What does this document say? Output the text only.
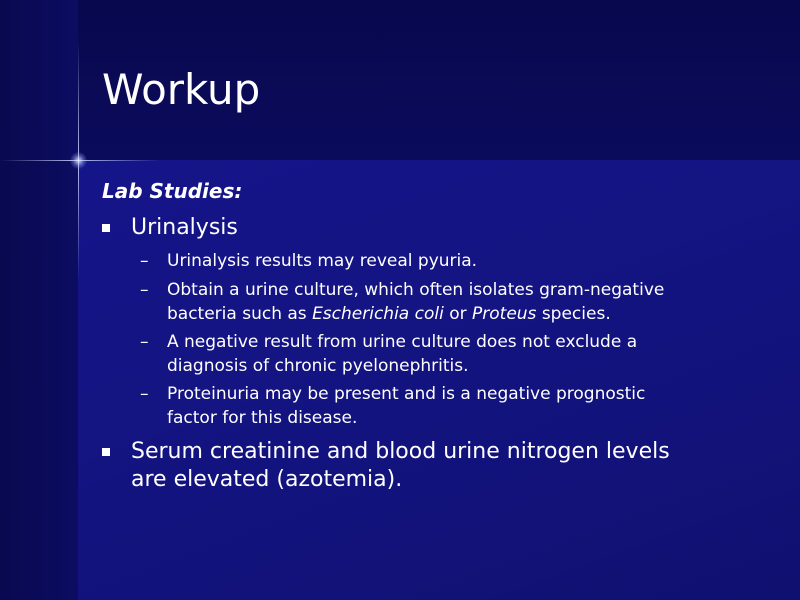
Workup
Lab Studies:
Urinalysis
– Urinalysis results may reveal pyuria.
– Obtain a urine culture, which often isolates gram-negative
bacteria such as Escherichia coli or Proteus species.
– A negative result from urine culture does not exclude a
diagnosis of chronic pyelonephritis.
– Proteinuria may be present and is a negative prognostic
factor for this disease.
Serum creatinine and blood urine nitrogen levels
are elevated (azotemia).
